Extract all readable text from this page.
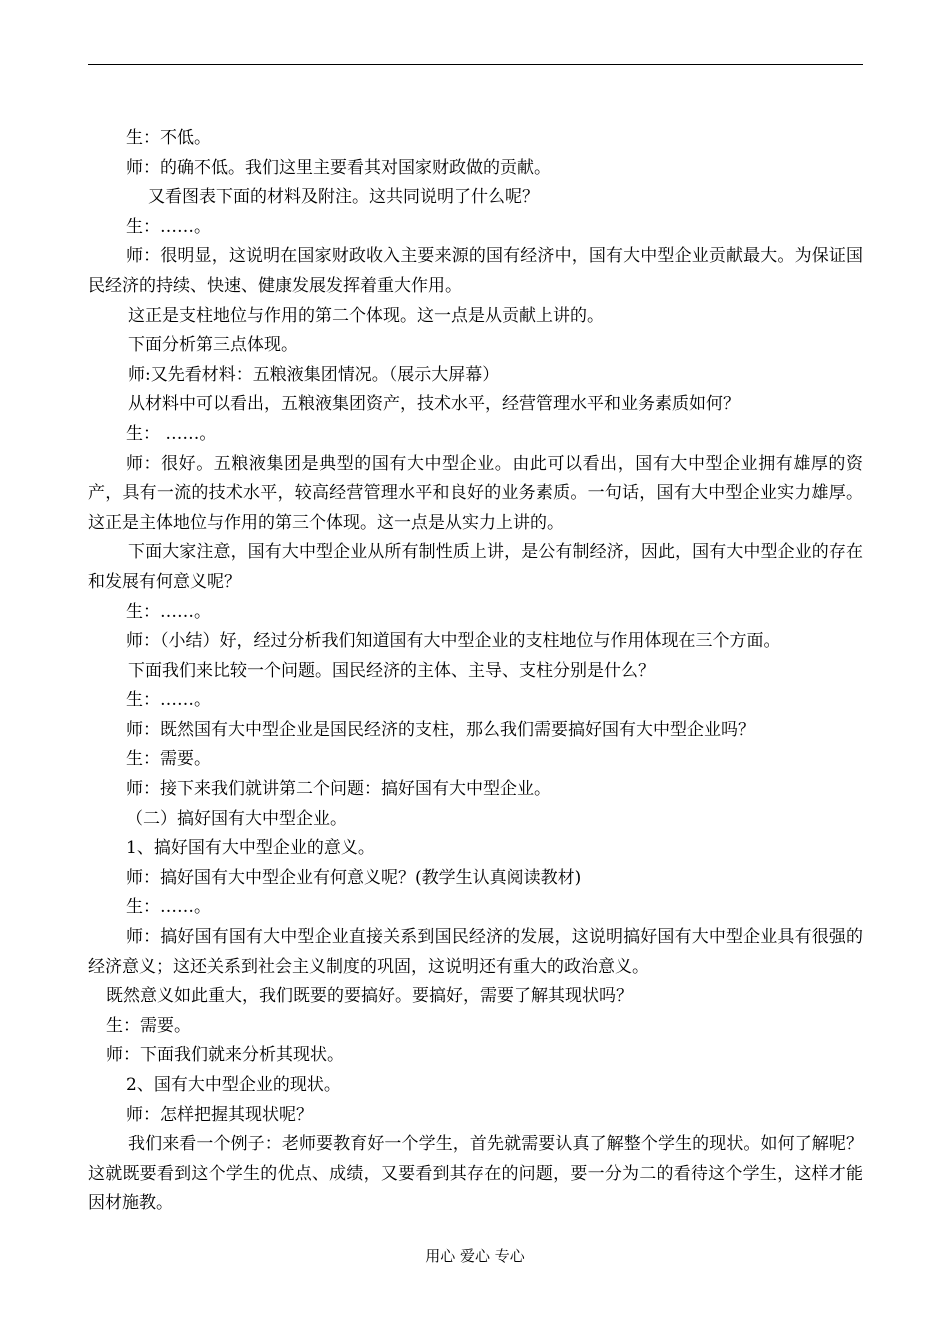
生：不低。

师：的确不低。我们这里主要看其对国家财政做的贡献。

又看图表下面的材料及附注。这共同说明了什么呢？

生：……。

师：很明显，这说明在国家财政收入主要来源的国有经济中，国有大中型企业贡献最大。为保证国民经济的持续、快速、健康发展发挥着重大作用。

这正是支柱地位与作用的第二个体现。这一点是从贡献上讲的。

下面分析第三点体现。

师:又先看材料：五粮液集团情况。（展示大屏幕）

从材料中可以看出，五粮液集团资产，技术水平，经营管理水平和业务素质如何？

生： ……。

师：很好。五粮液集团是典型的国有大中型企业。由此可以看出，国有大中型企业拥有雄厚的资产，具有一流的技术水平，较高经营管理水平和良好的业务素质。一句话，国有大中型企业实力雄厚。这正是主体地位与作用的第三个体现。这一点是从实力上讲的。

下面大家注意，国有大中型企业从所有制性质上讲，是公有制经济，因此，国有大中型企业的存在和发展有何意义呢？

生：……。

师：（小结）好，经过分析我们知道国有大中型企业的支柱地位与作用体现在三个方面。

下面我们来比较一个问题。国民经济的主体、主导、支柱分别是什么？

生：……。

师：既然国有大中型企业是国民经济的支柱，那么我们需要搞好国有大中型企业吗？

生：需要。

师：接下来我们就讲第二个问题：搞好国有大中型企业。

（二）搞好国有大中型企业。

1、搞好国有大中型企业的意义。

师：搞好国有大中型企业有何意义呢？(教学生认真阅读教材)

生：……。

师：搞好国有国有大中型企业直接关系到国民经济的发展，这说明搞好国有大中型企业具有很强的经济意义；这还关系到社会主义制度的巩固，这说明还有重大的政治意义。

既然意义如此重大，我们既要的要搞好。要搞好，需要了解其现状吗？

生：需要。

师：下面我们就来分析其现状。

2、国有大中型企业的现状。

师：怎样把握其现状呢？

我们来看一个例子：老师要教育好一个学生，首先就需要认真了解整个学生的现状。如何了解呢？这就既要看到这个学生的优点、成绩，又要看到其存在的问题，要一分为二的看待这个学生，这样才能因材施教。

用心 爱心 专心
